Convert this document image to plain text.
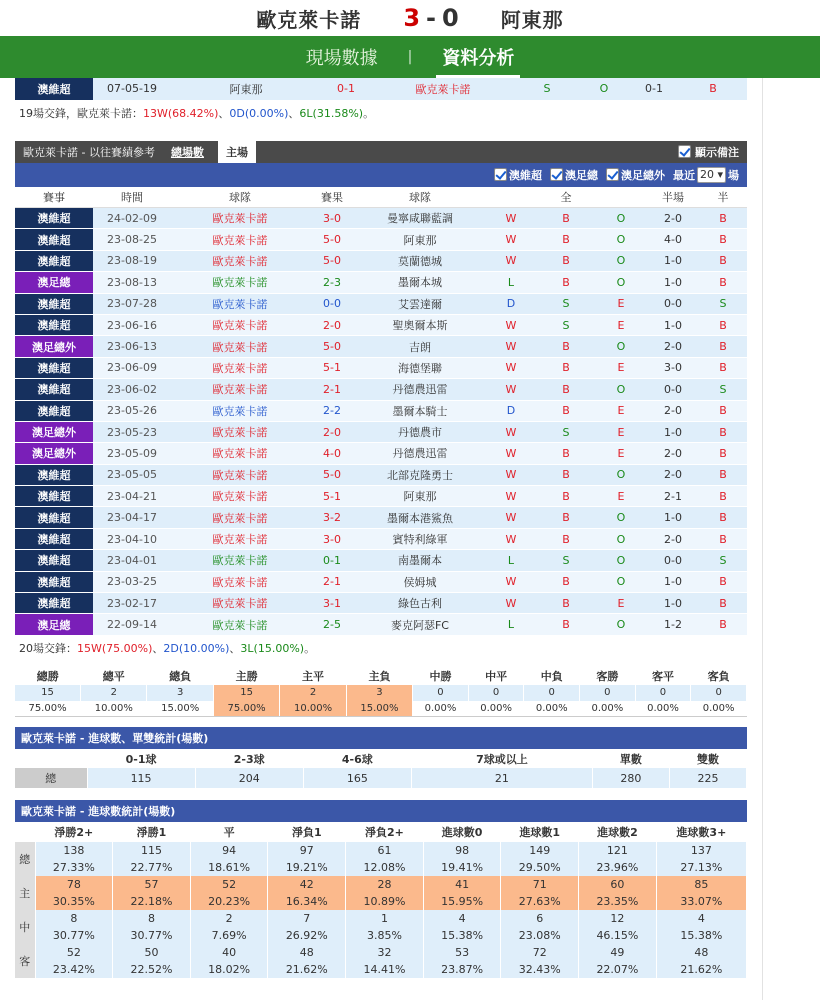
歐克萊卡諾 3 - 0 阿東那
現場數據	|	資料分析
澳維超	07-05-19	阿東那	0-1	歐克萊卡諾	S	O	0-1	B
19場交鋒，歐克萊卡諾：13W(68.42%)、0D(0.00%)、6L(31.58%)。
歐克萊卡諾 - 以往賽績參考	總場數	主場	顯示備注
澳維超 澳足總 澳足總外 最近 20 ▾ 場
賽事	時間	球隊	賽果	球隊	全			半場	半
澳維超	24-02-09	歐克萊卡諾	3-0	曼寧咸聯藍調	W	B	O	2-0	B
澳維超	23-08-25	歐克萊卡諾	5-0	阿東那	W	B	O	4-0	B
澳維超	23-08-19	歐克萊卡諾	5-0	莫蘭德城	W	B	O	1-0	B
澳足總	23-08-13	歐克萊卡諾	2-3	墨爾本城	L	B	O	1-0	B
澳維超	23-07-28	歐克萊卡諾	0-0	艾雲達爾	D	S	E	0-0	S
澳維超	23-06-16	歐克萊卡諾	2-0	聖奧爾本斯	W	S	E	1-0	B
澳足總外	23-06-13	歐克萊卡諾	5-0	吉朗	W	B	O	2-0	B
澳維超	23-06-09	歐克萊卡諾	5-1	海德堡聯	W	B	E	3-0	B
澳維超	23-06-02	歐克萊卡諾	2-1	丹德農迅雷	W	B	O	0-0	S
澳維超	23-05-26	歐克萊卡諾	2-2	墨爾本騎士	D	B	E	2-0	B
澳足總外	23-05-23	歐克萊卡諾	2-0	丹德農市	W	S	E	1-0	B
澳足總外	23-05-09	歐克萊卡諾	4-0	丹德農迅雷	W	B	E	2-0	B
澳維超	23-05-05	歐克萊卡諾	5-0	北部克隆勇士	W	B	O	2-0	B
澳維超	23-04-21	歐克萊卡諾	5-1	阿東那	W	B	E	2-1	B
澳維超	23-04-17	歐克萊卡諾	3-2	墨爾本港鯊魚	W	B	O	1-0	B
澳維超	23-04-10	歐克萊卡諾	3-0	賓特利綠軍	W	B	O	2-0	B
澳維超	23-04-01	歐克萊卡諾	0-1	南墨爾本	L	S	O	0-0	S
澳維超	23-03-25	歐克萊卡諾	2-1	侯姆城	W	B	O	1-0	B
澳維超	23-02-17	歐克萊卡諾	3-1	綠色古利	W	B	E	1-0	B
澳足總	22-09-14	歐克萊卡諾	2-5	麥克阿瑟FC	L	B	O	1-2	B
20場交鋒：15W(75.00%)、2D(10.00%)、3L(15.00%)。
總勝	總平	總負	主勝	主平	主負	中勝	中平	中負	客勝	客平	客負
15	2	3	15	2	3	0	0	0	0	0	0
75.00%	10.00%	15.00%	75.00%	10.00%	15.00%	0.00%	0.00%	0.00%	0.00%	0.00%	0.00%
歐克萊卡諾 - 進球數、單雙統計(場數)
	0-1球	2-3球	4-6球	7球或以上	單數	雙數
總	115	204	165	21	280	225
歐克萊卡諾 - 進球數統計(場數)
	淨勝2+	淨勝1	平	淨負1	淨負2+	進球數0	進球數1	進球數2	進球數3+
總	138	115	94	97	61	98	149	121	137
	27.33%	22.77%	18.61%	19.21%	12.08%	19.41%	29.50%	23.96%	27.13%
主	78	57	52	42	28	41	71	60	85
	30.35%	22.18%	20.23%	16.34%	10.89%	15.95%	27.63%	23.35%	33.07%
中	8	8	2	7	1	4	6	12	4
	30.77%	30.77%	7.69%	26.92%	3.85%	15.38%	23.08%	46.15%	15.38%
客	52	50	40	48	32	53	72	49	48
	23.42%	22.52%	18.02%	21.62%	14.41%	23.87%	32.43%	22.07%	21.62%
